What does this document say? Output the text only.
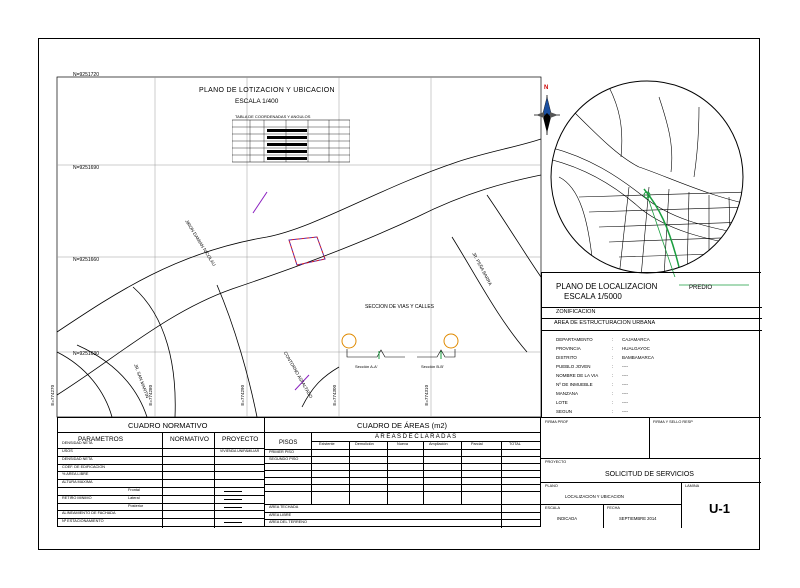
TABLA DE COORDENADAS Y ANGULOS
PLANO DE LOTIZACION Y UBICACION
ESCALA 1/400
N=9251720
N=9251690
N=9251660
N=9251630
E=774270	E=774280	E=774290	E=774300	E=774310
JIRON DAMIAN NICOLAU
JR. SAN MARTIN	CONTORNO ASFALTADO
JR. PEÑA BARRA
SECCION DE VIAS Y CALLES
Sección A-A'	Sección B-B'
N
PREDIO
PLANO DE LOCALIZACION
ESCALA 1/5000
ZONIFICACION
AREA DE ESTRUCTURACION URBANA
DEPARTAMENTO	: CAJAMARCA
PROVINCIA	: HUALGAYOC
DISTRITO	: BAMBAMARCA
PUEBLO JOVEN	: ----
NOMBRE DE LA VIA	: ----
Nº DE INMUEBLE	: ----
MANZANA	: ----
LOTE	: ----
SEGUN	: ----
CUADRO NORMATIVO
PARAMETROS	NORMATIVO PROYECTO
DENSIDAD NETA
USOS	VIVIENDA UNIFAMILIAR
DENSIDAD NETA
COEF. DE EDIFICACION
% AREA LIBRE
ALTURA MAXIMA
Frontal
RETIRO MINIMO	Lateral
Posterior
ALINEAMIENTO DE FACHADA
Nº ESTACIONAMIENTO
CUADRO DE ÁREAS (m2)
PISOS
A R E A S D E C L A R A D A S
Existente	Demolición	Nueva	Ampliación	Parcial	TOTAL
PRIMER PISO
SEGUNDO PISO
AREA TECHADA
AREA LIBRE
AREA DEL TERRENO
FIRMA PROF	FIRMA Y SELLO RESP
PROYECTO
SOLICITUD DE SERVICIOS
PLANO
LOCALIZACION Y UBICACION
LAMINA
U-1
ESCALA
INDICADA
FECHA
SEPTIEMBRE 2014
